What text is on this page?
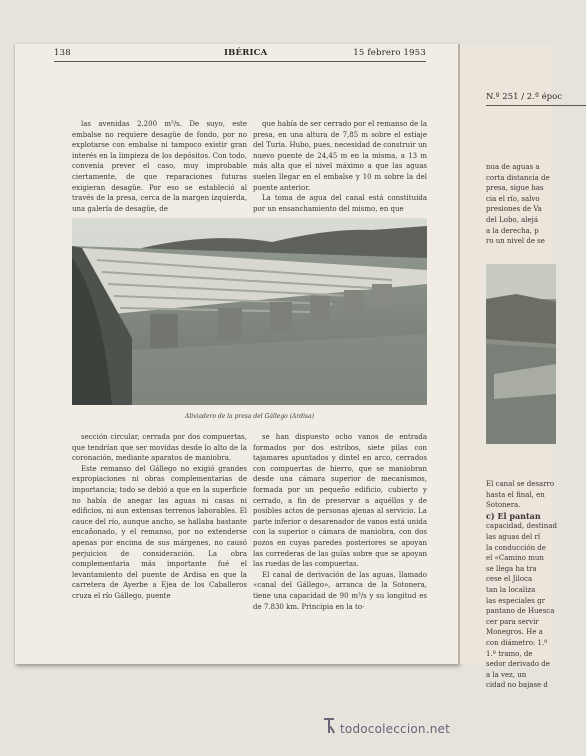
N.º 251 / 2.ª époc
nua de aguas a
corta distancia de
presa, sigue has
cia el río, salvo
presiones de Va
del Lobo, alejá
a la derecha, p
ro un nivel de se
El canal se desarro
hasta el final, en
Sotonera.
c) El pantan
capacidad, destinad
las aguas del rí
la conducción de
el «Camino mun
se llega ha tra
cese el Jiloca
tan la localiza
las especiales gr
pantano de Huesca
cer para servir
Monegros. He a
con diámetro: 1.º
1.º tramo, de
sedor derivado de
a la vez, un
cidad no bajase d
138	IBÉRICA	15 febrero 1953

las avenidas 2.200 m³/s. De suyo, este embalse no requiere desagüe de fondo, por no explotarse con embalse ni tampoco existir gran interés en la limpieza de los depósitos. Con todo, convenía prever el caso, muy improbable ciertamente, de que reparaciones futuras exigieran desagüe. Por eso se estableció al través de la presa, cerca de la margen izquierda, una galería de desagüe, de

que había de ser cerrado por el remanso de la presa, en una altura de 7,85 m sobre el estiaje del Turia. Hubo, pues, necesidad de construir un nuevo puente de 24,45 m en la misma, a 13 m más alta que el nivel máximo a que las aguas suelen llegar en el embalse y 10 m sobre la del puente anterior.

La toma de agua del canal está constituida por un ensanchamiento del mismo, en que

Aliviadero de la presa del Gállego (Ardisa)

sección circular, cerrada por dos compuertas, que tendrían que ser movidas desde lo alto de la coronación, mediante aparatos de maniobra.

Este remanso del Gállego no exigió grandes expropiaciones ni obras complementarias de importancia; todo se debió a que en la superficie no había de anegar las aguas ni casas ni edificios, ni aun extensas terrenos laborables. El cauce del río, aunque ancho, se hallaba bastante encañonado, y el remanso, por no extenderse apenas por encima de sus márgenes, no causó perjuicios de consideración. La obra complementaria más importante fué el levantamiento del puente de Ardisa en que la carretera de Ayerbe a Ejea de los Caballeros cruza el río Gállego, puente

se han dispuesto ocho vanos de entrada formados por dos estribos, siete pilas con tajamares apuntados y dintel en arco, cerrados con compuertas de hierro, que se maniobran desde una cámara superior de mecanismos, formada por un pequeño edificio, cubierto y cerrado, a fin de preservar a aquéllos y de posibles actos de personas ajenas al servicio. La parte inferior o desarenador de vanos está unida con la superior o cámara de maniobra, con dos pozos en cuyas paredes posteriores se apoyan las correderas de las guías sobre que se apoyan las ruedas de las compuertas.

El canal de derivación de las aguas, llamado «canal del Gállego», arranca de la Sotonera, tiene una capacidad de 90 m³/s y su longitud es de 7.830 km. Principia en la to-

todocoleccion.net
